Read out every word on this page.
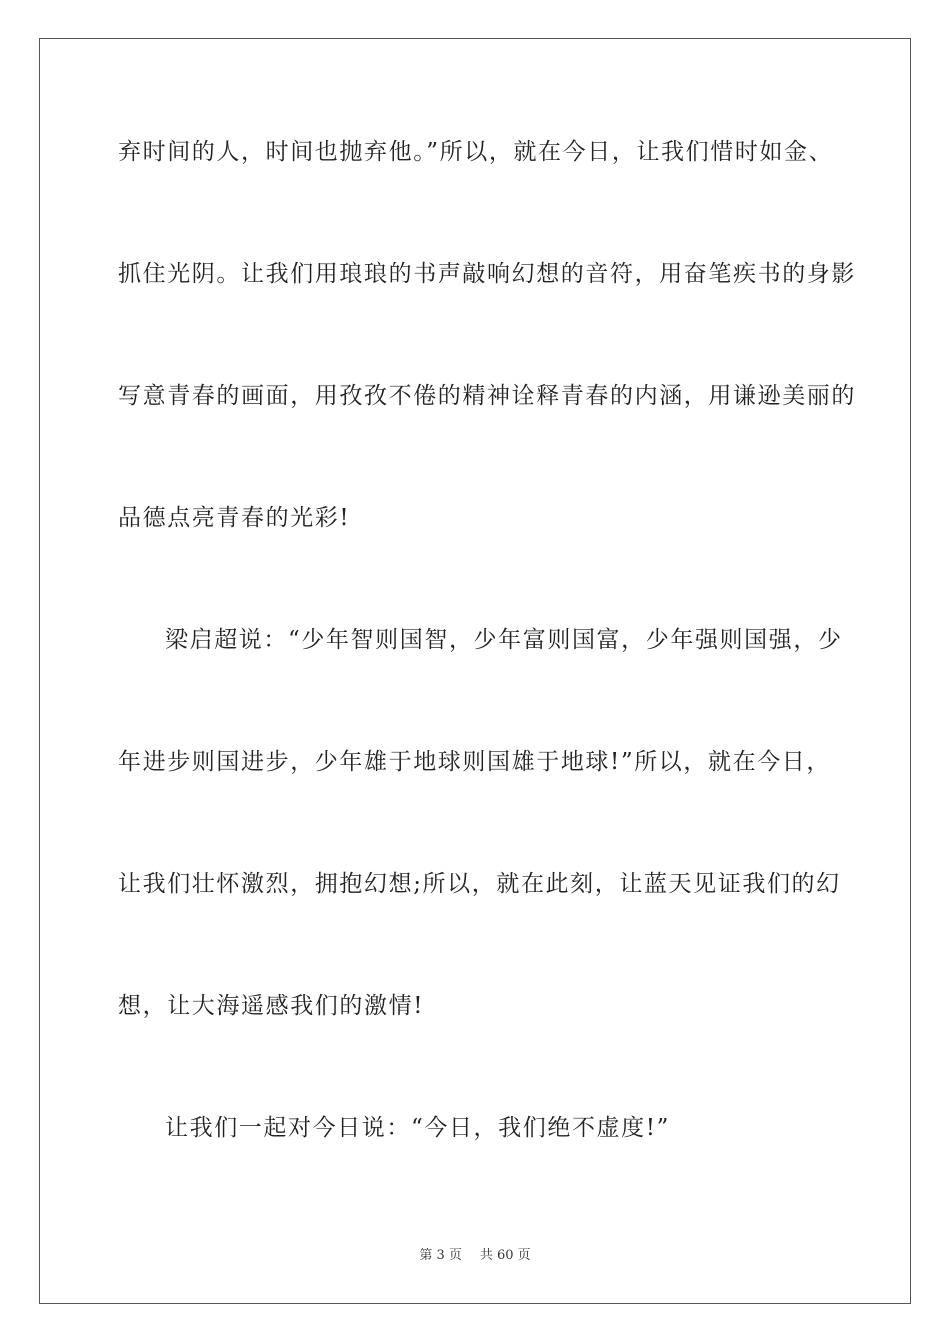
弃时间的人，时间也抛弃他。”所以，就在今日，让我们惜时如金、
抓住光阴。让我们用琅琅的书声敲响幻想的音符，用奋笔疾书的身影
写意青春的画面，用孜孜不倦的精神诠释青春的内涵，用谦逊美丽的
品德点亮青春的光彩!
梁启超说：“少年智则国智，少年富则国富，少年强则国强，少
年进步则国进步，少年雄于地球则国雄于地球!”所以，就在今日，
让我们壮怀激烈，拥抱幻想;所以，就在此刻，让蓝天见证我们的幻
想，让大海遥感我们的激情!
让我们一起对今日说：“今日，我们绝不虚度!”
第 3 页 共 60 页
